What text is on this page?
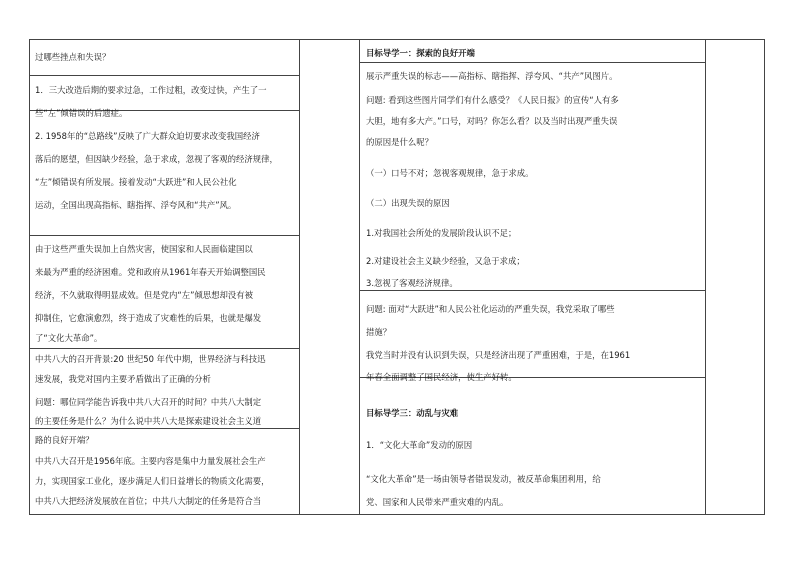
过哪些挫点和失误？

1．三大改造后期的要求过急，工作过粗，改变过快，产生了一

些“左”倾错误的后遗症。

2. 1958年的“总路线”反映了广大群众迫切要求改变我国经济

落后的愿望，但因缺少经验，急于求成，忽视了客观的经济规律，

“左”倾错误有所发展。接着发动“大跃进”和人民公社化

运动，全国出现高指标、瞎指挥、浮夸风和“共产”风。

由于这些严重失误加上自然灾害，使国家和人民面临建国以

来最为严重的经济困难。党和政府从1961年春天开始调整国民

经济，不久就取得明显成效。但是党内“左”倾思想却没有被

抑制住，它愈演愈烈，终于造成了灾难性的后果，也就是爆发

了“文化大革命”。

中共八大的召开背景:20 世纪50 年代中期，世界经济与科技迅

速发展，我党对国内主要矛盾做出了正确的分析

问题：哪位同学能告诉我中共八大召开的时间？中共八大制定

的主要任务是什么？为什么说中共八大是探索建设社会主义道

路的良好开端？

中共八大召开是1956年底。主要内容是集中力量发展社会生产

力，实现国家工业化，逐步满足人们日益增长的物质文化需要，

中共八大把经济发展放在首位；中共八大制定的任务是符合当

目标导学一：探索的良好开端

展示严重失误的标志——高指标、瞎指挥、浮夸风、“共产”风图片。

问题: 看到这些图片同学们有什么感受？《人民日报》的宣传“人有多

大胆，地有多大产。”口号，对吗？你怎么看？以及当时出现严重失误

的原因是什么呢？

（一）口号不对；忽视客观规律，急于求成。

（二）出现失误的原因

1.对我国社会所处的发展阶段认识不足；

2.对建设社会主义缺少经验，又急于求成；

3.忽视了客观经济规律。

问题: 面对“大跃进”和人民公社化运动的严重失误，我党采取了哪些

措施？

我党当时并没有认识到失误，只是经济出现了严重困难，于是，在1961

年春全面调整了国民经济，使生产好转。

目标导学三：动乱与灾难

1．“文化大革命”发动的原因

“文化大革命”是一场由领导者错误发动，被反革命集团利用，给

党、国家和人民带来严重灾难的内乱。
